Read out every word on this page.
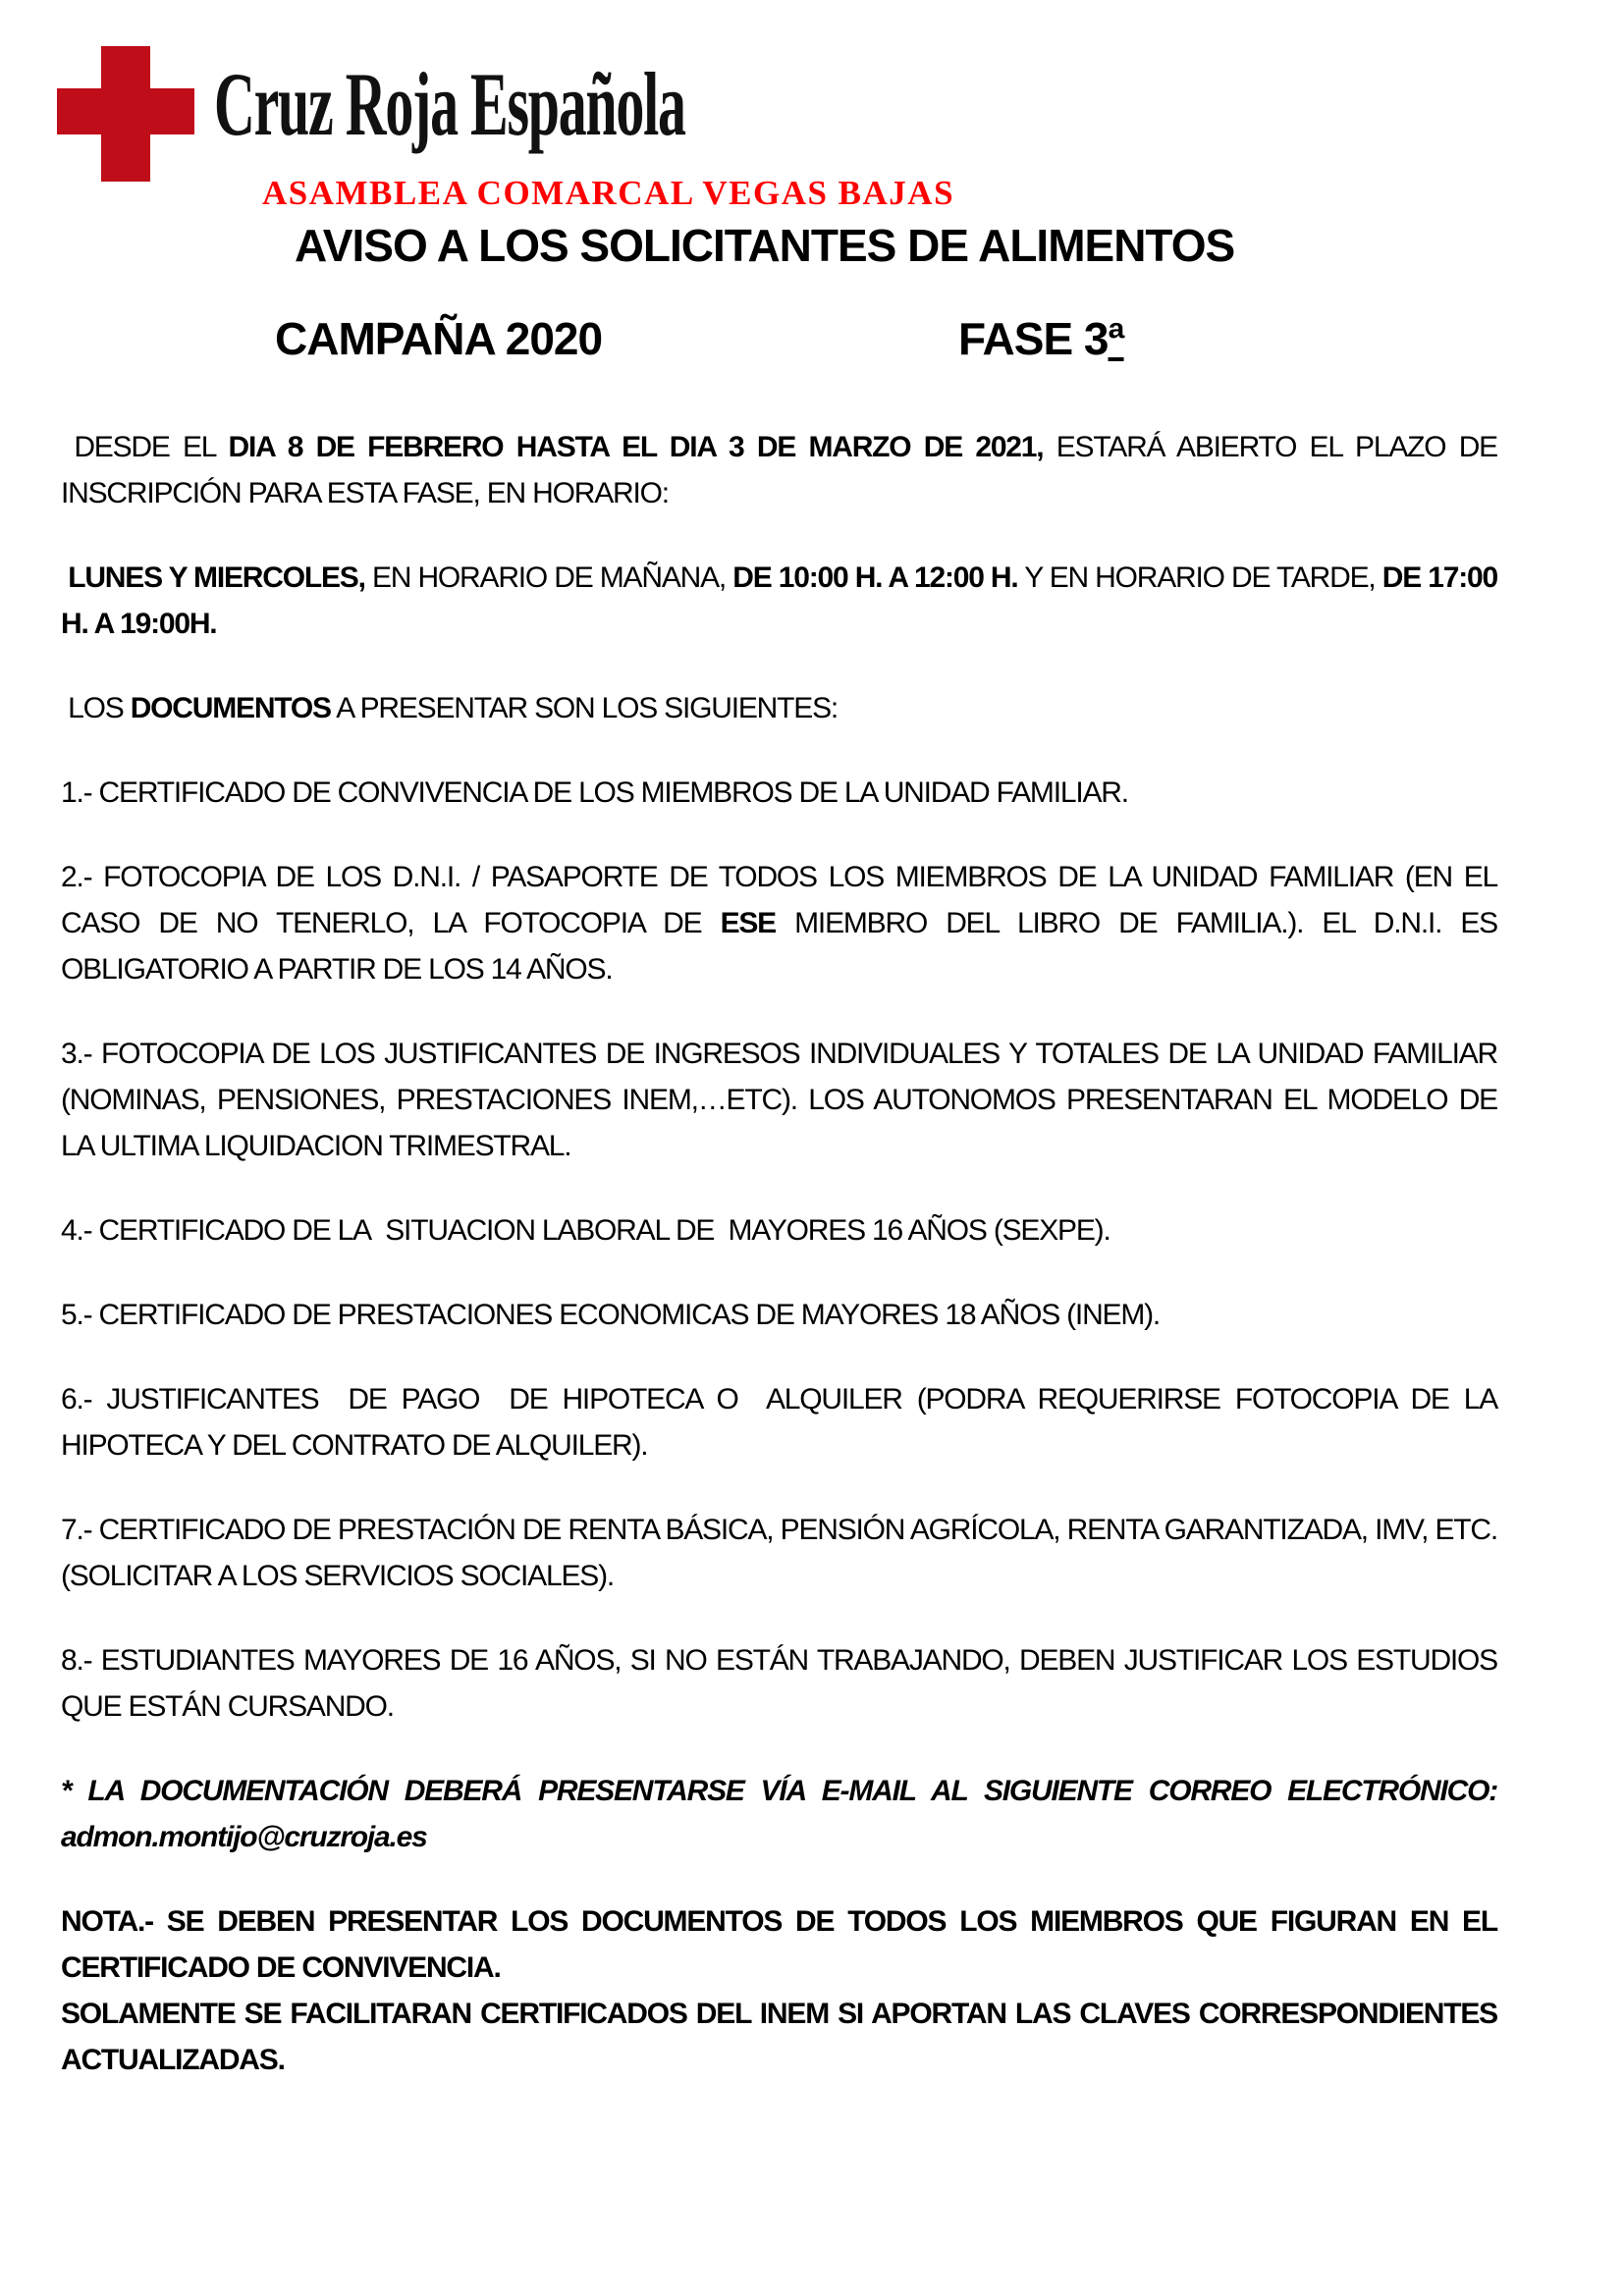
Cruz Roja Española
ASAMBLEA COMARCAL VEGAS BAJAS
AVISO A LOS SOLICITANTES DE ALIMENTOS
CAMPAÑA 2020	FASE 3ª

DESDE EL DIA 8 DE FEBRERO HASTA EL DIA 3 DE MARZO DE 2021, ESTARÁ ABIERTO EL PLAZO DE INSCRIPCIÓN PARA ESTA FASE, EN HORARIO:

LUNES Y MIERCOLES, EN HORARIO DE MAÑANA, DE 10:00 H. A 12:00 H. Y EN HORARIO DE TARDE, DE 17:00 H. A 19:00H.

LOS DOCUMENTOS A PRESENTAR SON LOS SIGUIENTES:

1.- CERTIFICADO DE CONVIVENCIA DE LOS MIEMBROS DE LA UNIDAD FAMILIAR.

2.- FOTOCOPIA DE LOS D.N.I. / PASAPORTE DE TODOS LOS MIEMBROS DE LA UNIDAD FAMILIAR (EN EL CASO DE NO TENERLO, LA FOTOCOPIA DE ESE MIEMBRO DEL LIBRO DE FAMILIA.). EL D.N.I. ES OBLIGATORIO A PARTIR DE LOS 14 AÑOS.

3.- FOTOCOPIA DE LOS JUSTIFICANTES DE INGRESOS INDIVIDUALES Y TOTALES DE LA UNIDAD FAMILIAR (NOMINAS, PENSIONES, PRESTACIONES INEM,…ETC). LOS AUTONOMOS PRESENTARAN EL MODELO DE LA ULTIMA LIQUIDACION TRIMESTRAL.

4.- CERTIFICADO DE LA  SITUACION LABORAL DE  MAYORES 16 AÑOS (SEXPE).

5.- CERTIFICADO DE PRESTACIONES ECONOMICAS DE MAYORES 18 AÑOS (INEM).

6.- JUSTIFICANTES  DE PAGO  DE HIPOTECA O  ALQUILER (PODRA REQUERIRSE FOTOCOPIA DE LA HIPOTECA Y DEL CONTRATO DE ALQUILER).

7.- CERTIFICADO DE PRESTACIÓN DE RENTA BÁSICA, PENSIÓN AGRÍCOLA, RENTA GARANTIZADA, IMV, ETC. (SOLICITAR A LOS SERVICIOS SOCIALES).

8.- ESTUDIANTES MAYORES DE 16 AÑOS, SI NO ESTÁN TRABAJANDO, DEBEN JUSTIFICAR LOS ESTUDIOS QUE ESTÁN CURSANDO.

* LA DOCUMENTACIÓN DEBERÁ PRESENTARSE VÍA E-MAIL AL SIGUIENTE CORREO ELECTRÓNICO: admon.montijo@cruzroja.es

NOTA.- SE DEBEN PRESENTAR LOS DOCUMENTOS DE TODOS LOS MIEMBROS QUE FIGURAN EN EL CERTIFICADO DE CONVIVENCIA.
SOLAMENTE SE FACILITARAN CERTIFICADOS DEL INEM SI APORTAN LAS CLAVES CORRESPONDIENTES ACTUALIZADAS.
